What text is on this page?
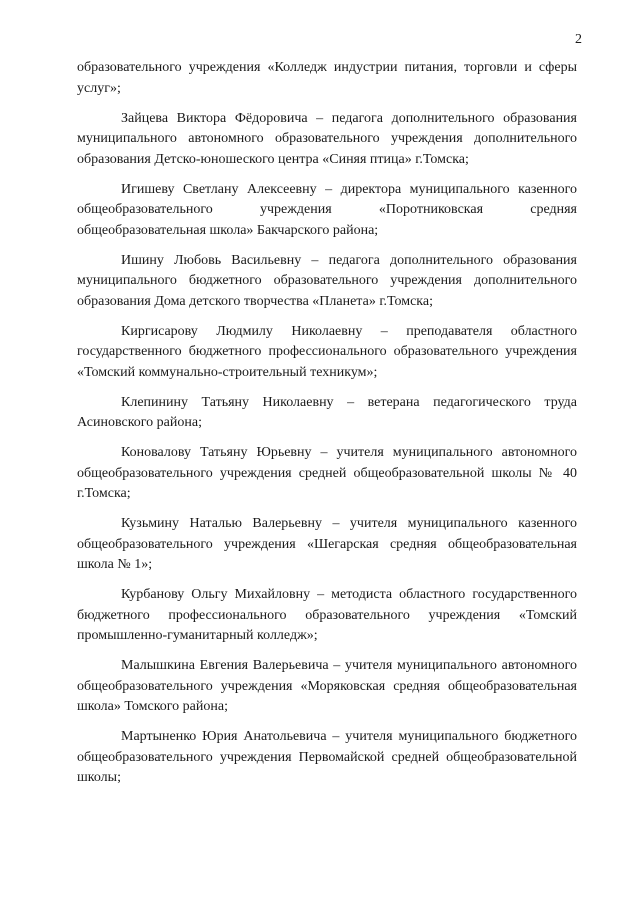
2

образовательного учреждения «Колледж индустрии питания, торговли и сферы услуг»;

Зайцева Виктора Фёдоровича – педагога дополнительного образования муниципального автономного образовательного учреждения дополнительного образования Детско-юношеского центра «Синяя птица» г.Томска;

Игишеву Светлану Алексеевну – директора муниципального казенного общеобразовательного учреждения «Поротниковская средняя общеобразовательная школа» Бакчарского района;

Ишину Любовь Васильевну – педагога дополнительного образования муниципального бюджетного образовательного учреждения дополнительного образования Дома детского творчества «Планета» г.Томска;

Киргисарову Людмилу Николаевну – преподавателя областного государственного бюджетного профессионального образовательного учреждения «Томский коммунально-строительный техникум»;

Клепинину Татьяну Николаевну – ветерана педагогического труда Асиновского района;

Коновалову Татьяну Юрьевну – учителя муниципального автономного общеобразовательного учреждения средней общеобразовательной школы № 40 г.Томска;

Кузьмину Наталью Валерьевну – учителя муниципального казенного общеобразовательного учреждения «Шегарская средняя общеобразовательная школа № 1»;

Курбанову Ольгу Михайловну – методиста областного государственного бюджетного профессионального образовательного учреждения «Томский промышленно-гуманитарный колледж»;

Малышкина Евгения Валерьевича – учителя муниципального автономного общеобразовательного учреждения «Моряковская средняя общеобразовательная школа» Томского района;

Мартыненко Юрия Анатольевича – учителя муниципального бюджетного общеобразовательного учреждения Первомайской средней общеобразовательной школы;
